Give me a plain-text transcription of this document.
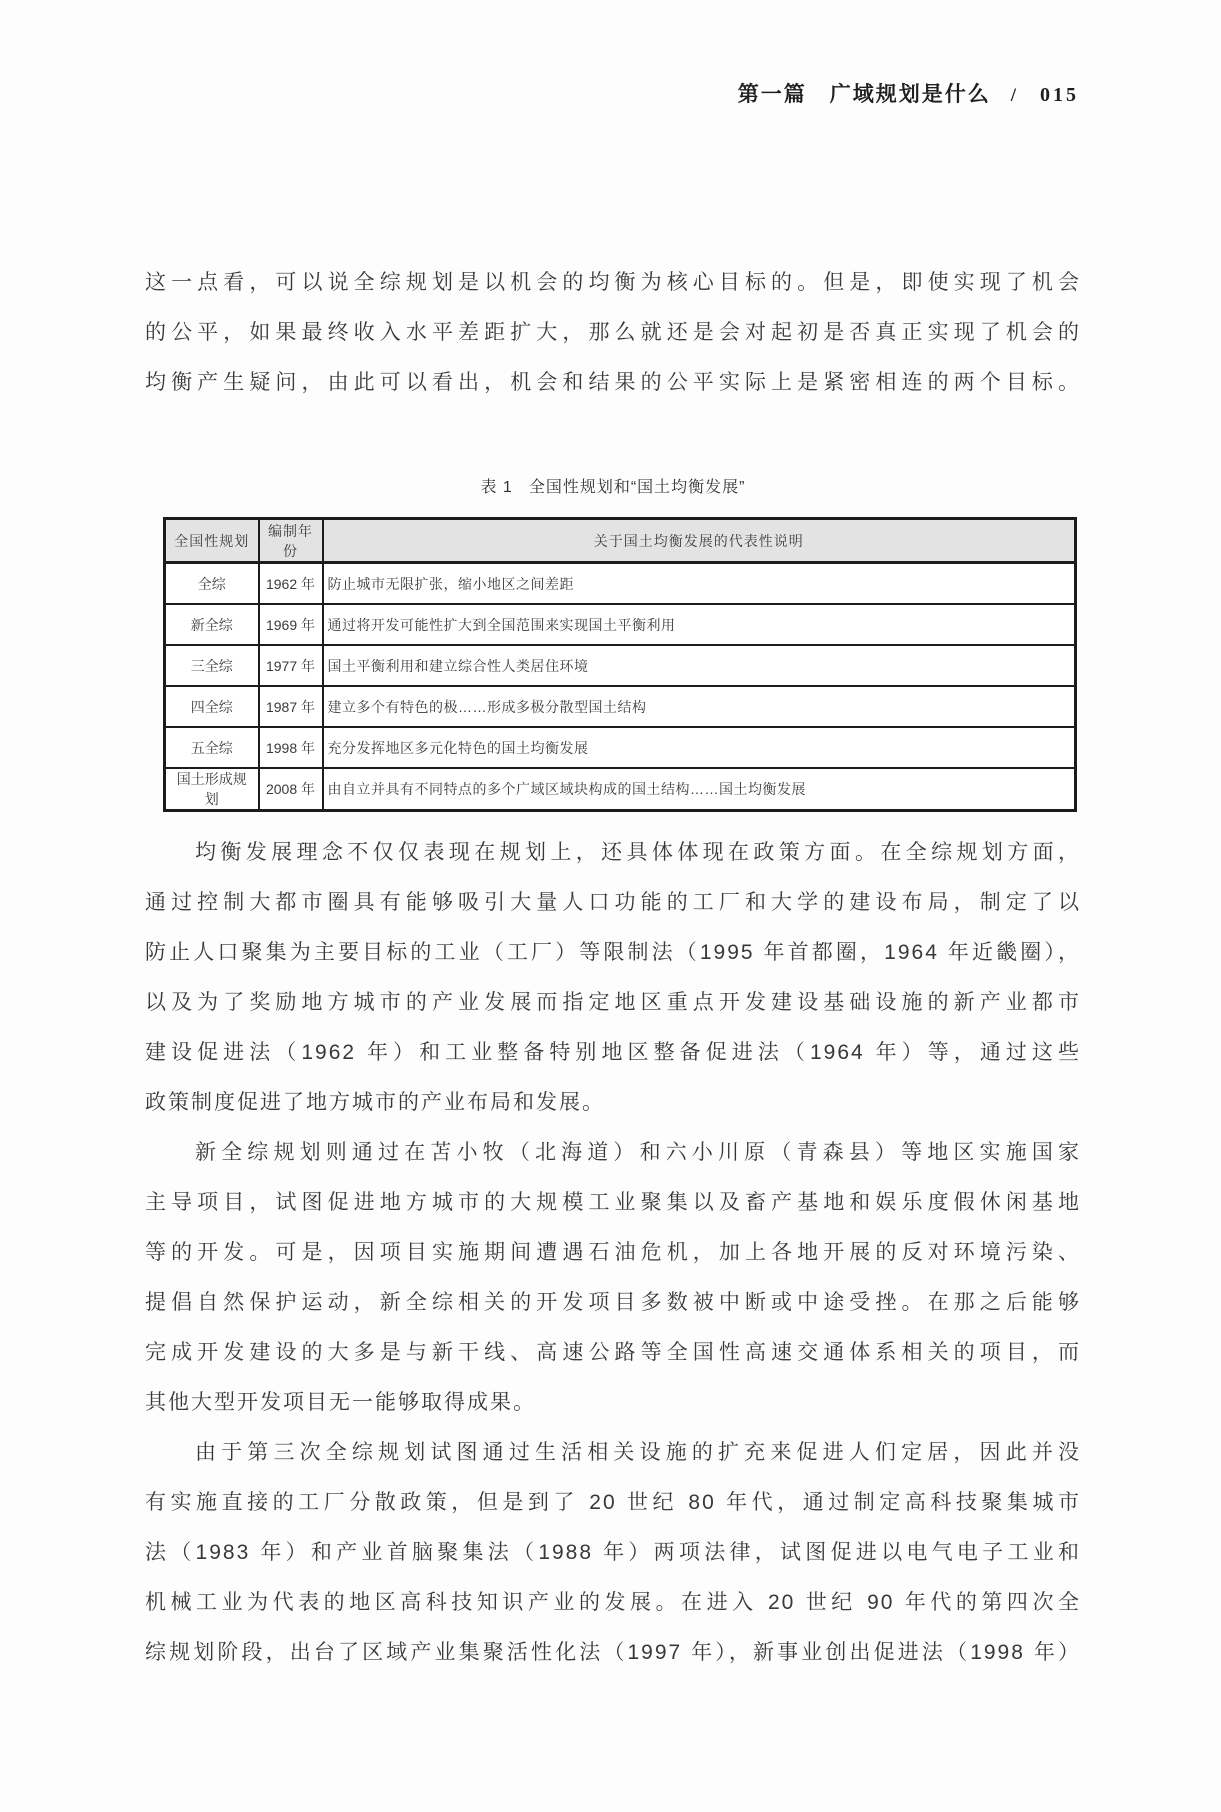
第一篇　广域规划是什么 / 015
这一点看，可以说全综规划是以机会的均衡为核心目标的。但是，即使实现了机会
的公平，如果最终收入水平差距扩大，那么就还是会对起初是否真正实现了机会的
均衡产生疑问，由此可以看出，机会和结果的公平实际上是紧密相连的两个目标。
表 1 全国性规划和“国土均衡发展”
全国性规划	编制年份	关于国土均衡发展的代表性说明
全综	1962 年	防止城市无限扩张，缩小地区之间差距
新全综	1969 年	通过将开发可能性扩大到全国范围来实现国土平衡利用
三全综	1977 年	国土平衡利用和建立综合性人类居住环境
四全综	1987 年	建立多个有特色的极……形成多极分散型国土结构
五全综	1998 年	充分发挥地区多元化特色的国土均衡发展
国土形成规划	2008 年	由自立并具有不同特点的多个广域区域块构成的国土结构……国土均衡发展
均衡发展理念不仅仅表现在规划上，还具体体现在政策方面。在全综规划方面，
通过控制大都市圈具有能够吸引大量人口功能的工厂和大学的建设布局，制定了以
防止人口聚集为主要目标的工业（工厂）等限制法（1995 年首都圈，1964 年近畿圈），
以及为了奖励地方城市的产业发展而指定地区重点开发建设基础设施的新产业都市
建设促进法（1962 年）和工业整备特别地区整备促进法（1964 年）等，通过这些
政策制度促进了地方城市的产业布局和发展。
新全综规划则通过在苫小牧（北海道）和六小川原（青森县）等地区实施国家
主导项目，试图促进地方城市的大规模工业聚集以及畜产基地和娱乐度假休闲基地
等的开发。可是，因项目实施期间遭遇石油危机，加上各地开展的反对环境污染、
提倡自然保护运动，新全综相关的开发项目多数被中断或中途受挫。在那之后能够
完成开发建设的大多是与新干线、高速公路等全国性高速交通体系相关的项目，而
其他大型开发项目无一能够取得成果。
由于第三次全综规划试图通过生活相关设施的扩充来促进人们定居，因此并没
有实施直接的工厂分散政策，但是到了 20 世纪 80 年代，通过制定高科技聚集城市
法（1983 年）和产业首脑聚集法（1988 年）两项法律，试图促进以电气电子工业和
机械工业为代表的地区高科技知识产业的发展。在进入 20 世纪 90 年代的第四次全
综规划阶段，出台了区域产业集聚活性化法（1997 年），新事业创出促进法（1998 年）
